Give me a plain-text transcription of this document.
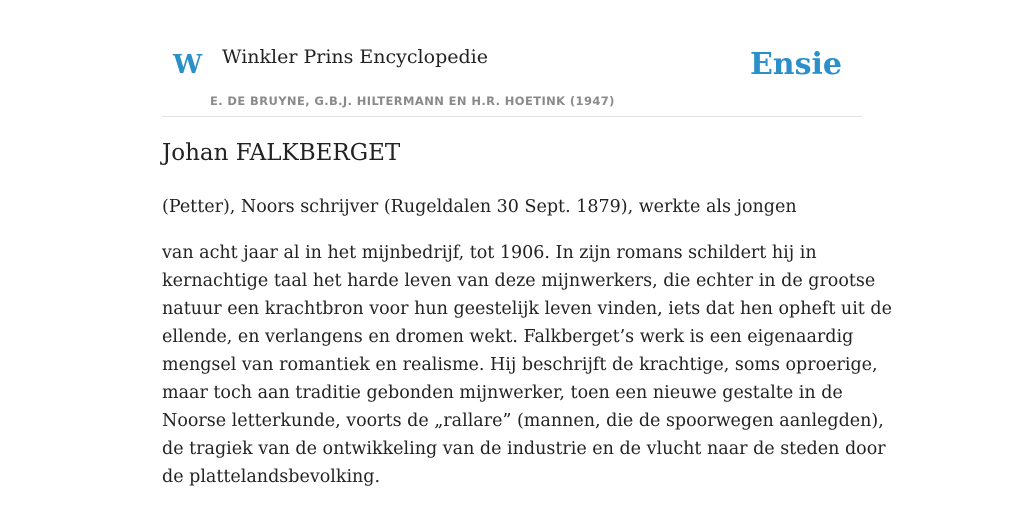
W Winkler Prins Encyclopedie
E. DE BRUYNE, G.B.J. HILTERMANN EN H.R. HOETINK (1947)
Ensie
Johan FALKBERGET

(Petter), Noors schrijver (Rugeldalen 30 Sept. 1879), werkte als jongen

van acht jaar al in het mijnbedrijf, tot 1906. In zijn romans schildert hij in
kernachtige taal het harde leven van deze mijnwerkers, die echter in de grootse
natuur een krachtbron voor hun geestelijk leven vinden, iets dat hen opheft uit de
ellende, en verlangens en dromen wekt. Falkberget’s werk is een eigenaardig
mengsel van romantiek en realisme. Hij beschrijft de krachtige, soms oproerige,
maar toch aan traditie gebonden mijnwerker, toen een nieuwe gestalte in de
Noorse letterkunde, voorts de „rallare” (mannen, die de spoorwegen aanlegden),
de tragiek van de ontwikkeling van de industrie en de vlucht naar de steden door
de plattelandsbevolking.
